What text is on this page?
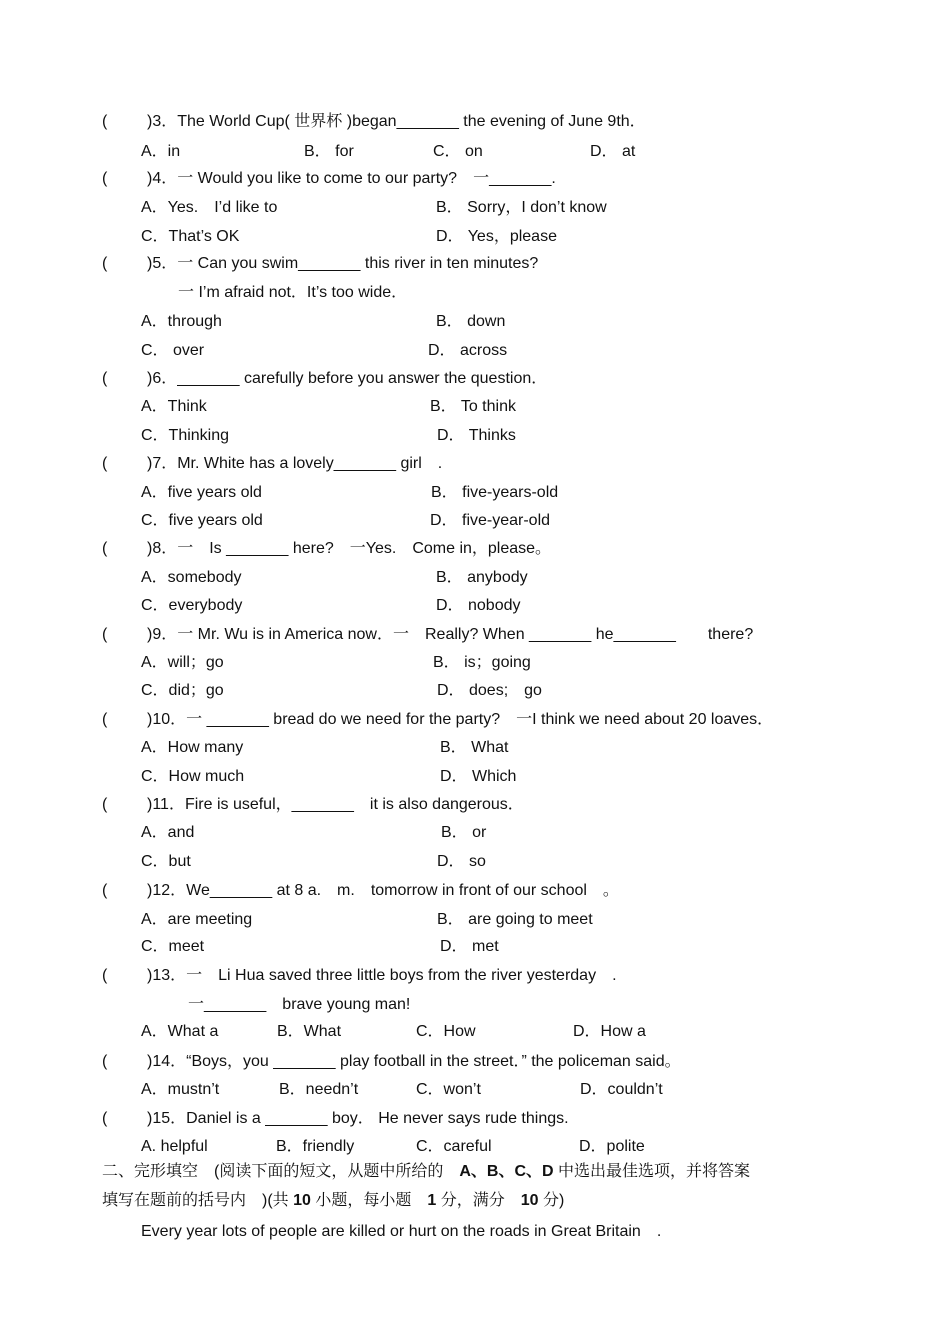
( )3．The World Cup( 世界杯 )began_______ the evening of June 9th．
A．in	B． for	C． on	D． at
( )4．一 Would you like to come to our party?　一_______.
A．Yes.　I’d like to	B． Sorry，I don’t know
C．That’s OK	D． Yes，please
( )5．一 Can you swim_______ this river in ten minutes?
一 I’m afraid not．It’s too wide．
A．through	B． down
C． over	D． across
( )6．_______ carefully before you answer the question．
A．Think	B． To think
C．Thinking	D． Thinks
( )7．Mr. White has a lovely_______ girl　.
A．five years old	B． five-years-old
C．five years old	D． five-year-old
( )8．一　Is _______ here?　一Yes.　Come in，please。
A．somebody	B． anybody
C．everybody	D． nobody
( )9．一 Mr. Wu is in America now．一　Really? When _______ he_______　　there?
A．will；go	B． is；going
C．did；go	D． does;　go
( )10．一 _______ bread do we need for the party?　一I think we need about 20 loaves．
A．How many	B． What
C．How much	D． Which
( )11．Fire is useful，_______　it is also dangerous．
A．and	B． or
C．but	D． so
( )12．We_______ at 8 a.　m.　tomorrow in front of our school　。
A．are meeting	B． are going to meet
C．meet	D． met
( )13．一　Li Hua saved three little boys from the river yesterday　.
一_______　brave young man!
A．What a	B．What	C．How	D．How a
( )14．“Boys，you _______ play football in the street．” the policeman said。
A．mustn’t	B．needn’t	C．won’t	D．couldn’t
( )15．Daniel is a _______ boy． He never says rude things.
A. helpful	B．friendly	C．careful	D．polite
二、完形填空　(阅读下面的短文，从题中所给的　A、B、C、D 中选出最佳选项，并将答案
填写在题前的括号内　)(共 10 小题，每小题　1 分，满分　10 分)
Every year lots of people are killed or hurt on the roads in Great Britain　.
